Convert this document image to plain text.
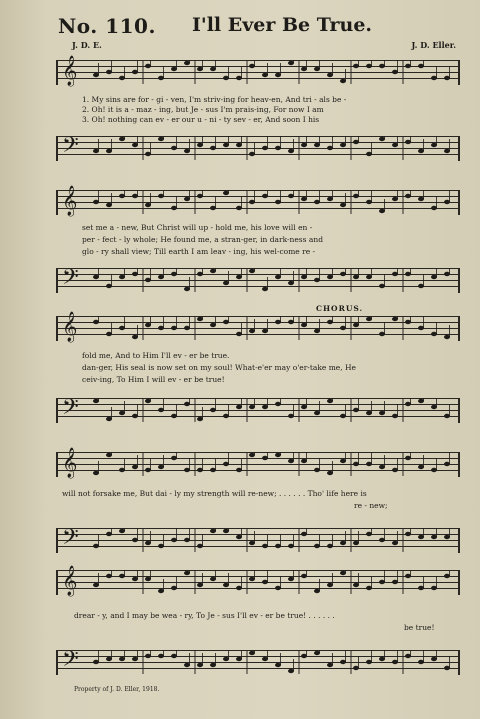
No. 110. I'll Ever Be True.
J. D. E.	J. D. Eller.
𝄞
1. My sins are for - gi - ven, I'm striv-ing for heav-en, And tri - als be -
2. Oh! it is a - maz - ing, but Je - sus I'm prais-ing, For now I am
3. Oh! nothing can ev - er our u - ni - ty sev - er, And soon I his
𝄢
𝄞
set me a - new, But Christ will up - hold me, his love will en -
per - fect - ly whole; He found me, a stran-ger, in dark-ness and
glo - ry shall view; Till earth I am leav - ing, his wel-come re -
𝄢
CHORUS.
𝄞
fold me, And to Him I'll ev - er be true.
dan-ger, His seal is now set on my soul! What-e'er may o'er-take me, He
ceiv-ing, To Him I will ev - er be true!
𝄢
𝄞
will not forsake me, But dai - ly my strength will re-new; . . . . . . Tho' life here is
re - new;
𝄢
𝄞
drear - y, and I may be wea - ry, To Je - sus I'll ev - er be true! . . . . . .
be true!
𝄢
Property of J. D. Eller, 1918.
